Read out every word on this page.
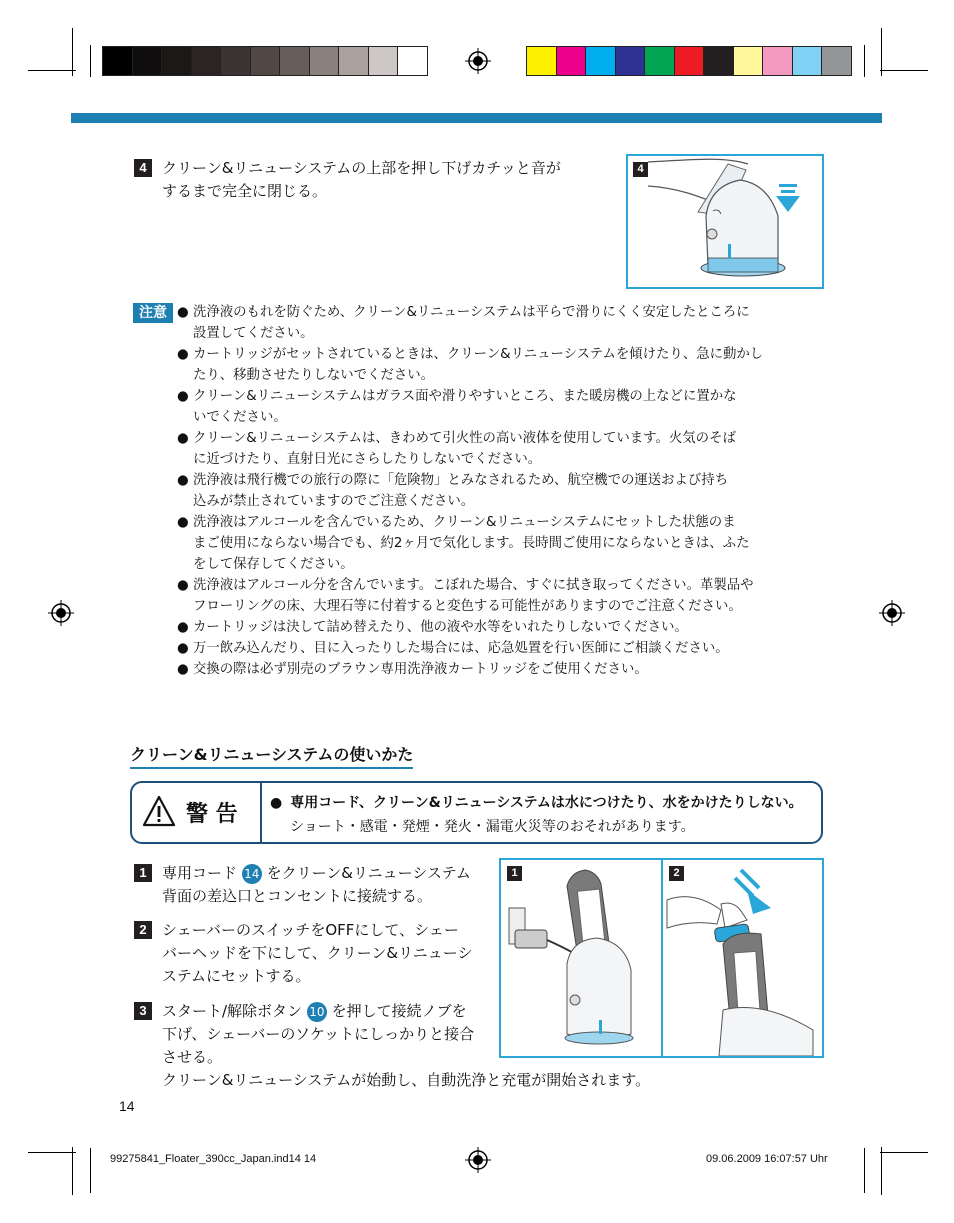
4	クリーン&リニューシステムの上部を押し下げカチッと音が
するまで完全に閉じる。
4
注意 ● 洗浄液のもれを防ぐため、クリーン&リニューシステムは平らで滑りにくく安定したところに
設置してください。
● カートリッジがセットされているときは、クリーン&リニューシステムを傾けたり、急に動かし
たり、移動させたりしないでください。
● クリーン&リニューシステムはガラス面や滑りやすいところ、また暖房機の上などに置かな
いでください。
● クリーン&リニューシステムは、きわめて引火性の高い液体を使用しています。火気のそば
に近づけたり、直射日光にさらしたりしないでください。
● 洗浄液は飛行機での旅行の際に「危険物」とみなされるため、航空機での運送および持ち
込みが禁止されていますのでご注意ください。
● 洗浄液はアルコールを含んでいるため、クリーン&リニューシステムにセットした状態のま
まご使用にならない場合でも、約2ヶ月で気化します。長時間ご使用にならないときは、ふた
をして保存してください。
● 洗浄液はアルコール分を含んでいます。こぼれた場合、すぐに拭き取ってください。革製品や
フローリングの床、大理石等に付着すると変色する可能性がありますのでご注意ください。
● カートリッジは決して詰め替えたり、他の液や水等をいれたりしないでください。
● 万一飲み込んだり、目に入ったりした場合には、応急処置を行い医師にご相談ください。
● 交換の際は必ず別売のブラウン専用洗浄液カートリッジをご使用ください。
クリーン&リニューシステムの使いかた
警 告 ● 専用コード、クリーン&リニューシステムは水につけたり、水をかけたりしない。
ショート・感電・発煙・発火・漏電火災等のおそれがあります。
1	専用コード 14 をクリーン&リニューシステム
背面の差込口とコンセントに接続する。
2	シェーバーのスイッチをOFFにして、シェー
バーヘッドを下にして、クリーン&リニューシ
ステムにセットする。
3	スタート/解除ボタン 10 を押して接続ノブを
下げ、シェーバーのソケットにしっかりと接合
させる。
クリーン&リニューシステムが始動し、自動洗浄と充電が開始されます。
1	2
14
99275841_Floater_390cc_Japan.ind14 14	09.06.2009 16:07:57 Uhr
